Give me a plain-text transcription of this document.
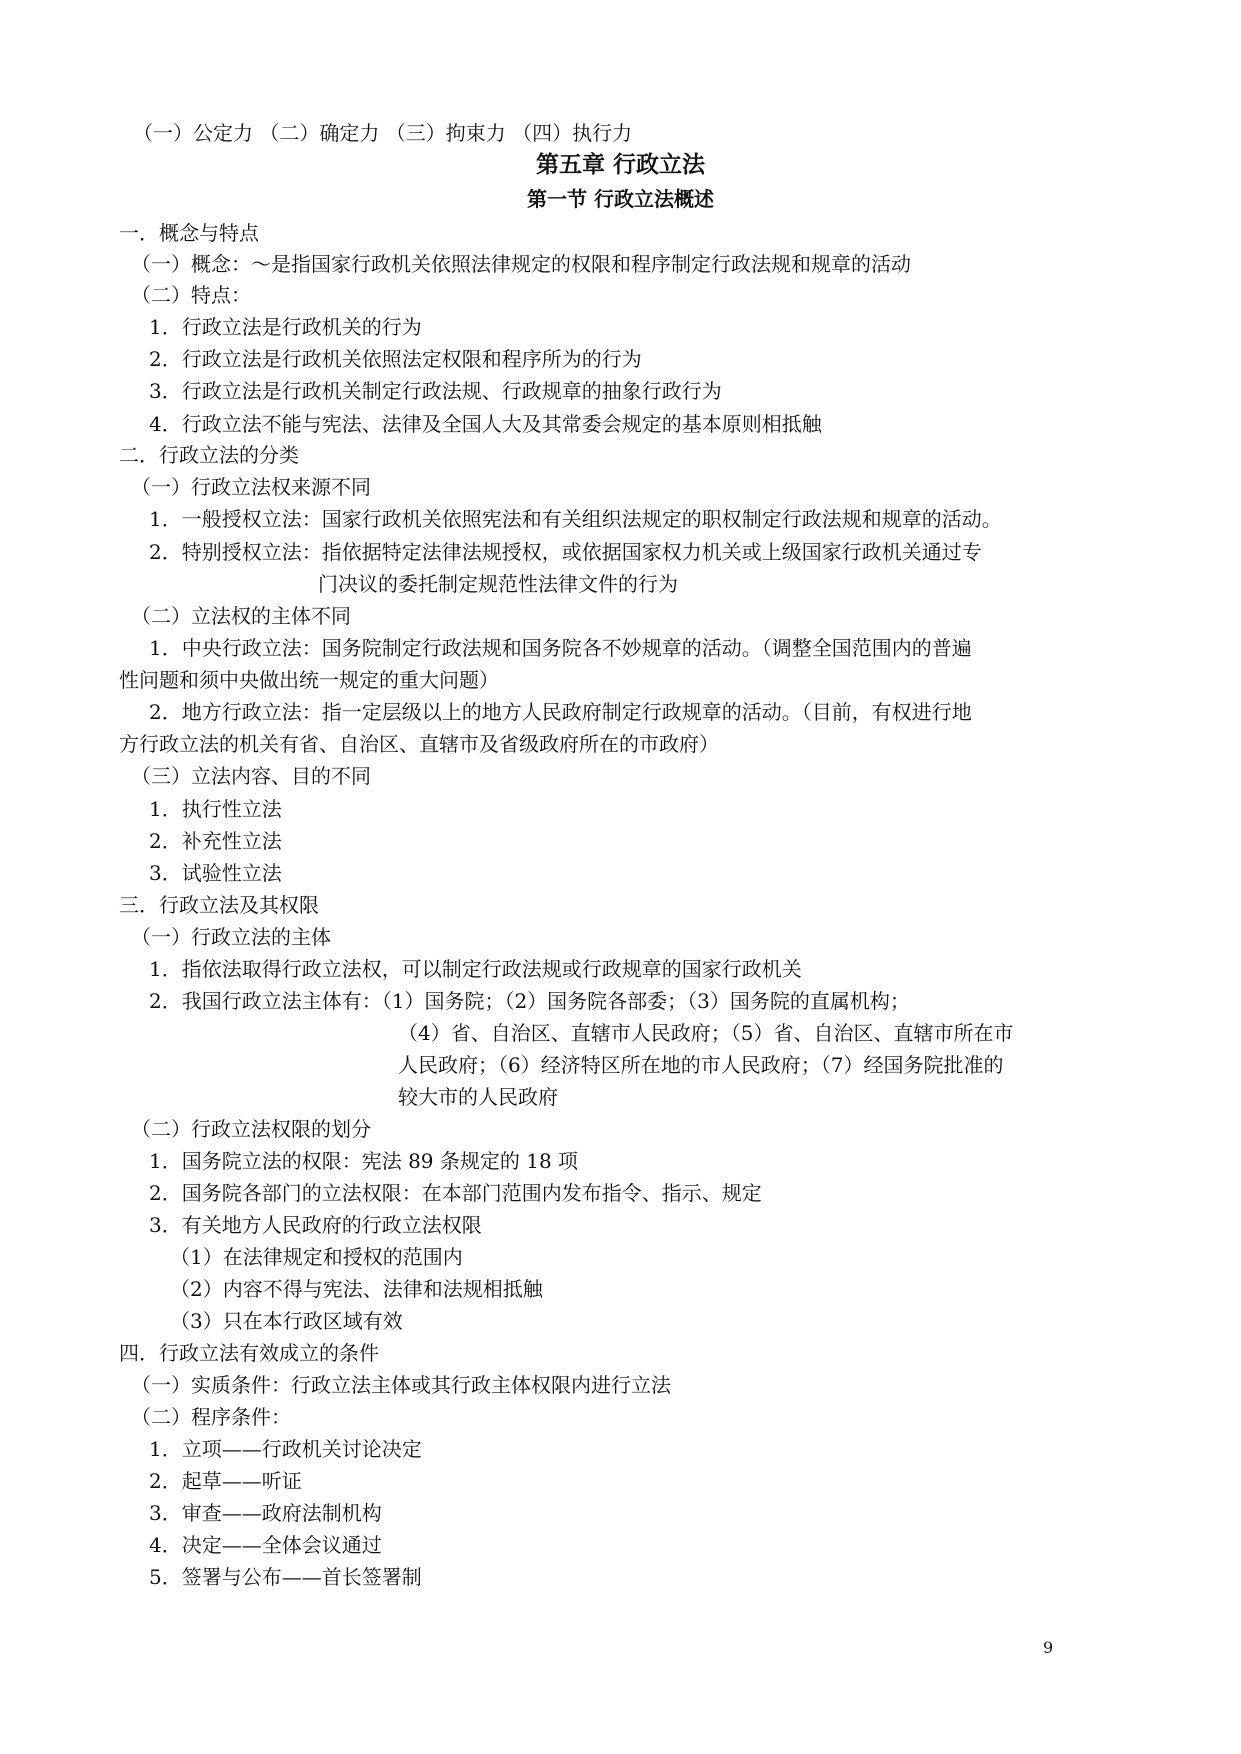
（一）公定力 （二）确定力 （三）拘束力 （四）执行力
第五章 行政立法
第一节 行政立法概述
一．概念与特点
（一）概念：～是指国家行政机关依照法律规定的权限和程序制定行政法规和规章的活动
（二）特点：
1．行政立法是行政机关的行为
2．行政立法是行政机关依照法定权限和程序所为的行为
3．行政立法是行政机关制定行政法规、行政规章的抽象行政行为
4．行政立法不能与宪法、法律及全国人大及其常委会规定的基本原则相抵触
二．行政立法的分类
（一）行政立法权来源不同
1．一般授权立法：国家行政机关依照宪法和有关组织法规定的职权制定行政法规和规章的活动。
2．特别授权立法：指依据特定法律法规授权，或依据国家权力机关或上级国家行政机关通过专
门决议的委托制定规范性法律文件的行为
（二）立法权的主体不同
1．中央行政立法：国务院制定行政法规和国务院各不妙规章的活动。（调整全国范围内的普遍
性问题和须中央做出统一规定的重大问题）
2．地方行政立法：指一定层级以上的地方人民政府制定行政规章的活动。（目前，有权进行地
方行政立法的机关有省、自治区、直辖市及省级政府所在的市政府）
（三）立法内容、目的不同
1．执行性立法
2．补充性立法
3．试验性立法
三．行政立法及其权限
（一）行政立法的主体
1．指依法取得行政立法权，可以制定行政法规或行政规章的国家行政机关
2．我国行政立法主体有：（1）国务院；（2）国务院各部委；（3）国务院的直属机构；
（4）省、自治区、直辖市人民政府；（5）省、自治区、直辖市所在市
人民政府；（6）经济特区所在地的市人民政府；（7）经国务院批准的
较大市的人民政府
（二）行政立法权限的划分
1．国务院立法的权限：宪法 89 条规定的 18 项
2．国务院各部门的立法权限：在本部门范围内发布指令、指示、规定
3．有关地方人民政府的行政立法权限
（1）在法律规定和授权的范围内
（2）内容不得与宪法、法律和法规相抵触
（3）只在本行政区域有效
四．行政立法有效成立的条件
（一）实质条件：行政立法主体或其行政主体权限内进行立法
（二）程序条件：
1．立项——行政机关讨论决定
2．起草——听证
3．审查——政府法制机构
4．决定——全体会议通过
5．签署与公布——首长签署制
9
